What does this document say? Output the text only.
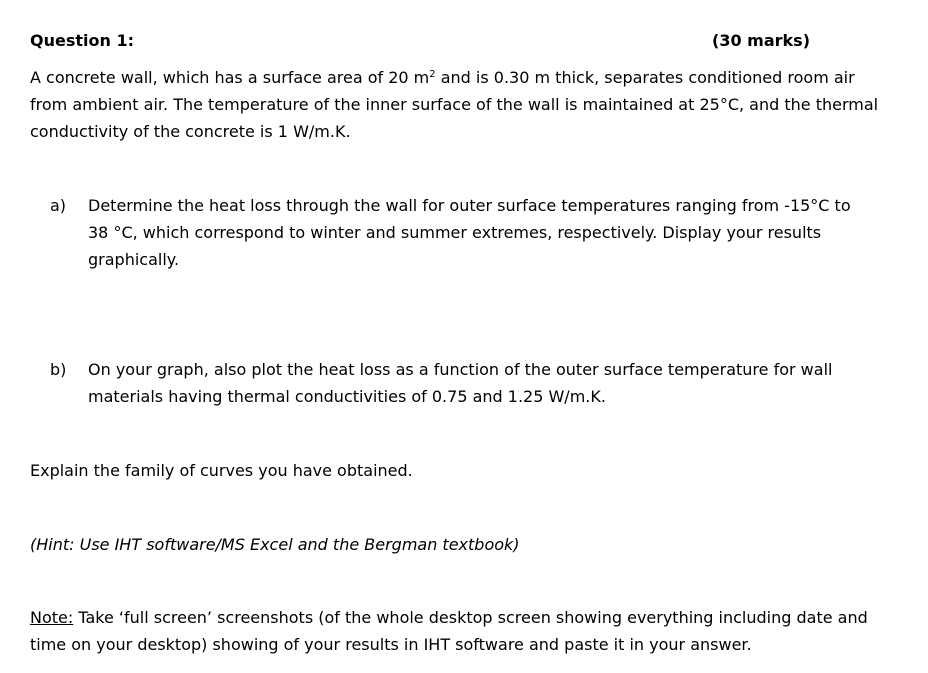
Question 1:	(30 marks)
A concrete wall, which has a surface area of 20 $m^2$ and is 0.30 m thick, separates conditioned room air
from ambient air. The temperature of the inner surface of the wall is maintained at 25°C, and the thermal
conductivity of the concrete is 1 W/m.K.
a) Determine the heat loss through the wall for outer surface temperatures ranging from -15°C to
38 °C, which correspond to winter and summer extremes, respectively. Display your results
graphically.
b) On your graph, also plot the heat loss as a function of the outer surface temperature for wall
materials having thermal conductivities of 0.75 and 1.25 W/m.K.
Explain the family of curves you have obtained.
(Hint: Use IHT software/MS Excel and the Bergman textbook)
Note: Take ‘full screen’ screenshots (of the whole desktop screen showing everything including date and
time on your desktop) showing of your results in IHT software and paste it in your answer.
